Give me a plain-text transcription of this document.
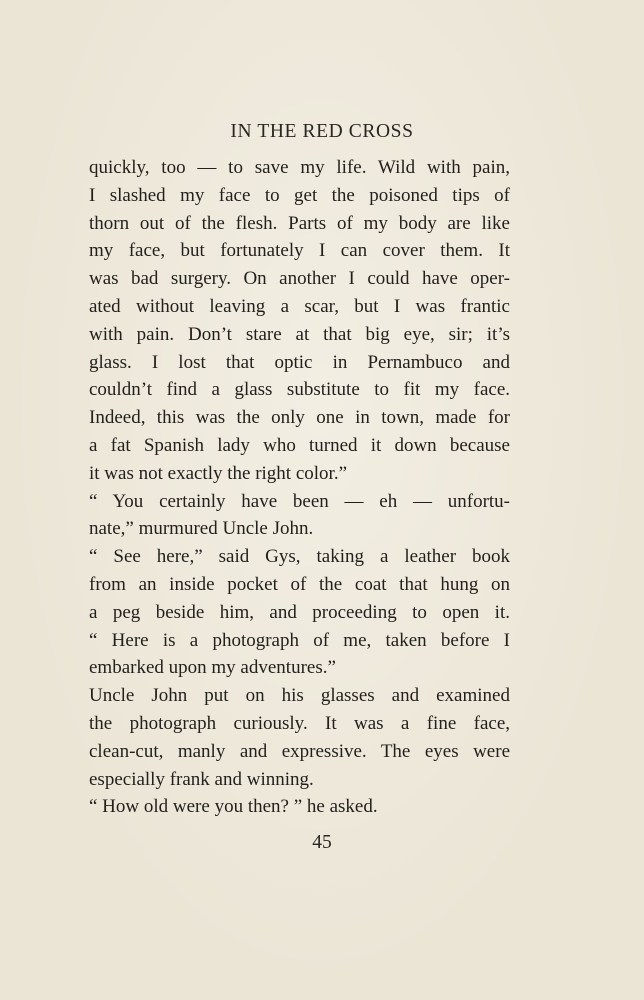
IN THE RED CROSS
quickly, too — to save my life. Wild with pain,
I slashed my face to get the poisoned tips of
thorn out of the flesh. Parts of my body are like
my face, but fortunately I can cover them. It
was bad surgery. On another I could have oper-
ated without leaving a scar, but I was frantic
with pain. Don’t stare at that big eye, sir; it’s
glass. I lost that optic in Pernambuco and
couldn’t find a glass substitute to fit my face.
Indeed, this was the only one in town, made for
a fat Spanish lady who turned it down because
it was not exactly the right color.”
“ You certainly have been — eh — unfortu-
nate,” murmured Uncle John.
“ See here,” said Gys, taking a leather book
from an inside pocket of the coat that hung on
a peg beside him, and proceeding to open it.
“ Here is a photograph of me, taken before I
embarked upon my adventures.”
Uncle John put on his glasses and examined
the photograph curiously. It was a fine face,
clean-cut, manly and expressive. The eyes were
especially frank and winning.
“ How old were you then? ” he asked.
45
